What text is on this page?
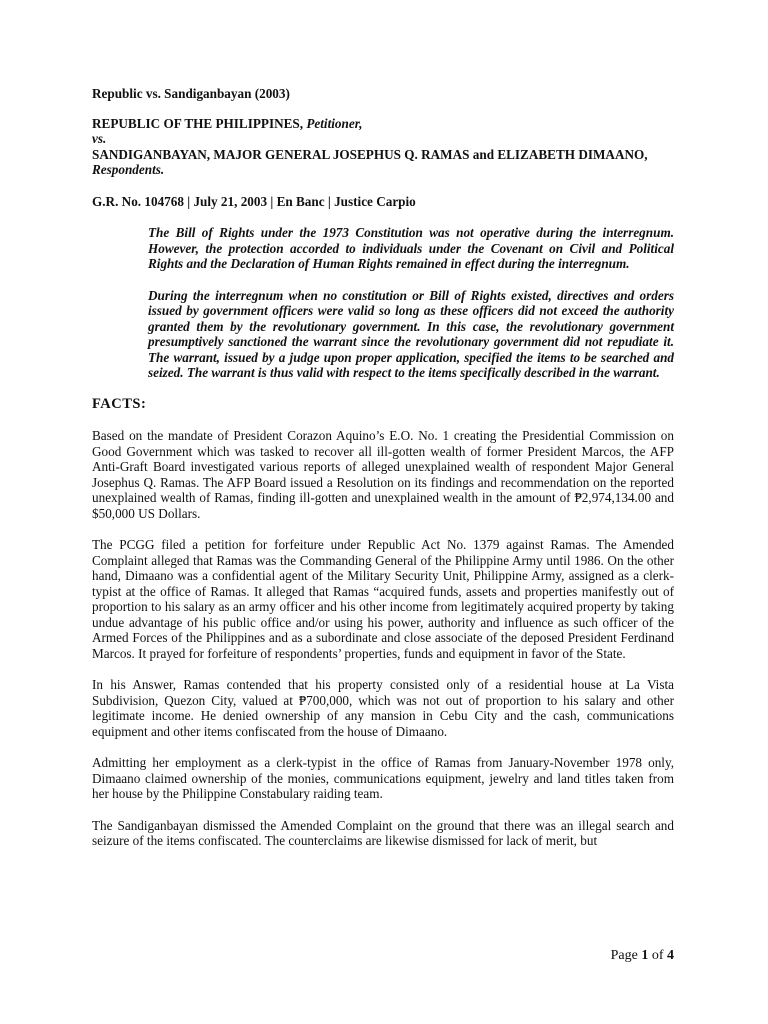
Republic vs. Sandiganbayan (2003)

REPUBLIC OF THE PHILIPPINES, Petitioner,
vs.
SANDIGANBAYAN, MAJOR GENERAL JOSEPHUS Q. RAMAS and ELIZABETH DIMAANO, Respondents.

G.R. No. 104768 | July 21, 2003 | En Banc | Justice Carpio

The Bill of Rights under the 1973 Constitution was not operative during the interregnum. However, the protection accorded to individuals under the Covenant on Civil and Political Rights and the Declaration of Human Rights remained in effect during the interregnum.

During the interregnum when no constitution or Bill of Rights existed, directives and orders issued by government officers were valid so long as these officers did not exceed the authority granted them by the revolutionary government. In this case, the revolutionary government presumptively sanctioned the warrant since the revolutionary government did not repudiate it. The warrant, issued by a judge upon proper application, specified the items to be searched and seized. The warrant is thus valid with respect to the items specifically described in the warrant.

FACTS:

Based on the mandate of President Corazon Aquino’s E.O. No. 1 creating the Presidential Commission on Good Government which was tasked to recover all ill-gotten wealth of former President Marcos, the AFP Anti-Graft Board investigated various reports of alleged unexplained wealth of respondent Major General Josephus Q. Ramas. The AFP Board issued a Resolution on its findings and recommendation on the reported unexplained wealth of Ramas, finding ill-gotten and unexplained wealth in the amount of ₱2,974,134.00 and $50,000 US Dollars.

The PCGG filed a petition for forfeiture under Republic Act No. 1379 against Ramas. The Amended Complaint alleged that Ramas was the Commanding General of the Philippine Army until 1986. On the other hand, Dimaano was a confidential agent of the Military Security Unit, Philippine Army, assigned as a clerk-typist at the office of Ramas. It alleged that Ramas “acquired funds, assets and properties manifestly out of proportion to his salary as an army officer and his other income from legitimately acquired property by taking undue advantage of his public office and/or using his power, authority and influence as such officer of the Armed Forces of the Philippines and as a subordinate and close associate of the deposed President Ferdinand Marcos. It prayed for forfeiture of respondents’ properties, funds and equipment in favor of the State.

In his Answer, Ramas contended that his property consisted only of a residential house at La Vista Subdivision, Quezon City, valued at ₱700,000, which was not out of proportion to his salary and other legitimate income. He denied ownership of any mansion in Cebu City and the cash, communications equipment and other items confiscated from the house of Dimaano.

Admitting her employment as a clerk-typist in the office of Ramas from January-November 1978 only, Dimaano claimed ownership of the monies, communications equipment, jewelry and land titles taken from her house by the Philippine Constabulary raiding team.

The Sandiganbayan dismissed the Amended Complaint on the ground that there was an illegal search and seizure of the items confiscated. The counterclaims are likewise dismissed for lack of merit, but

Page 1 of 4
